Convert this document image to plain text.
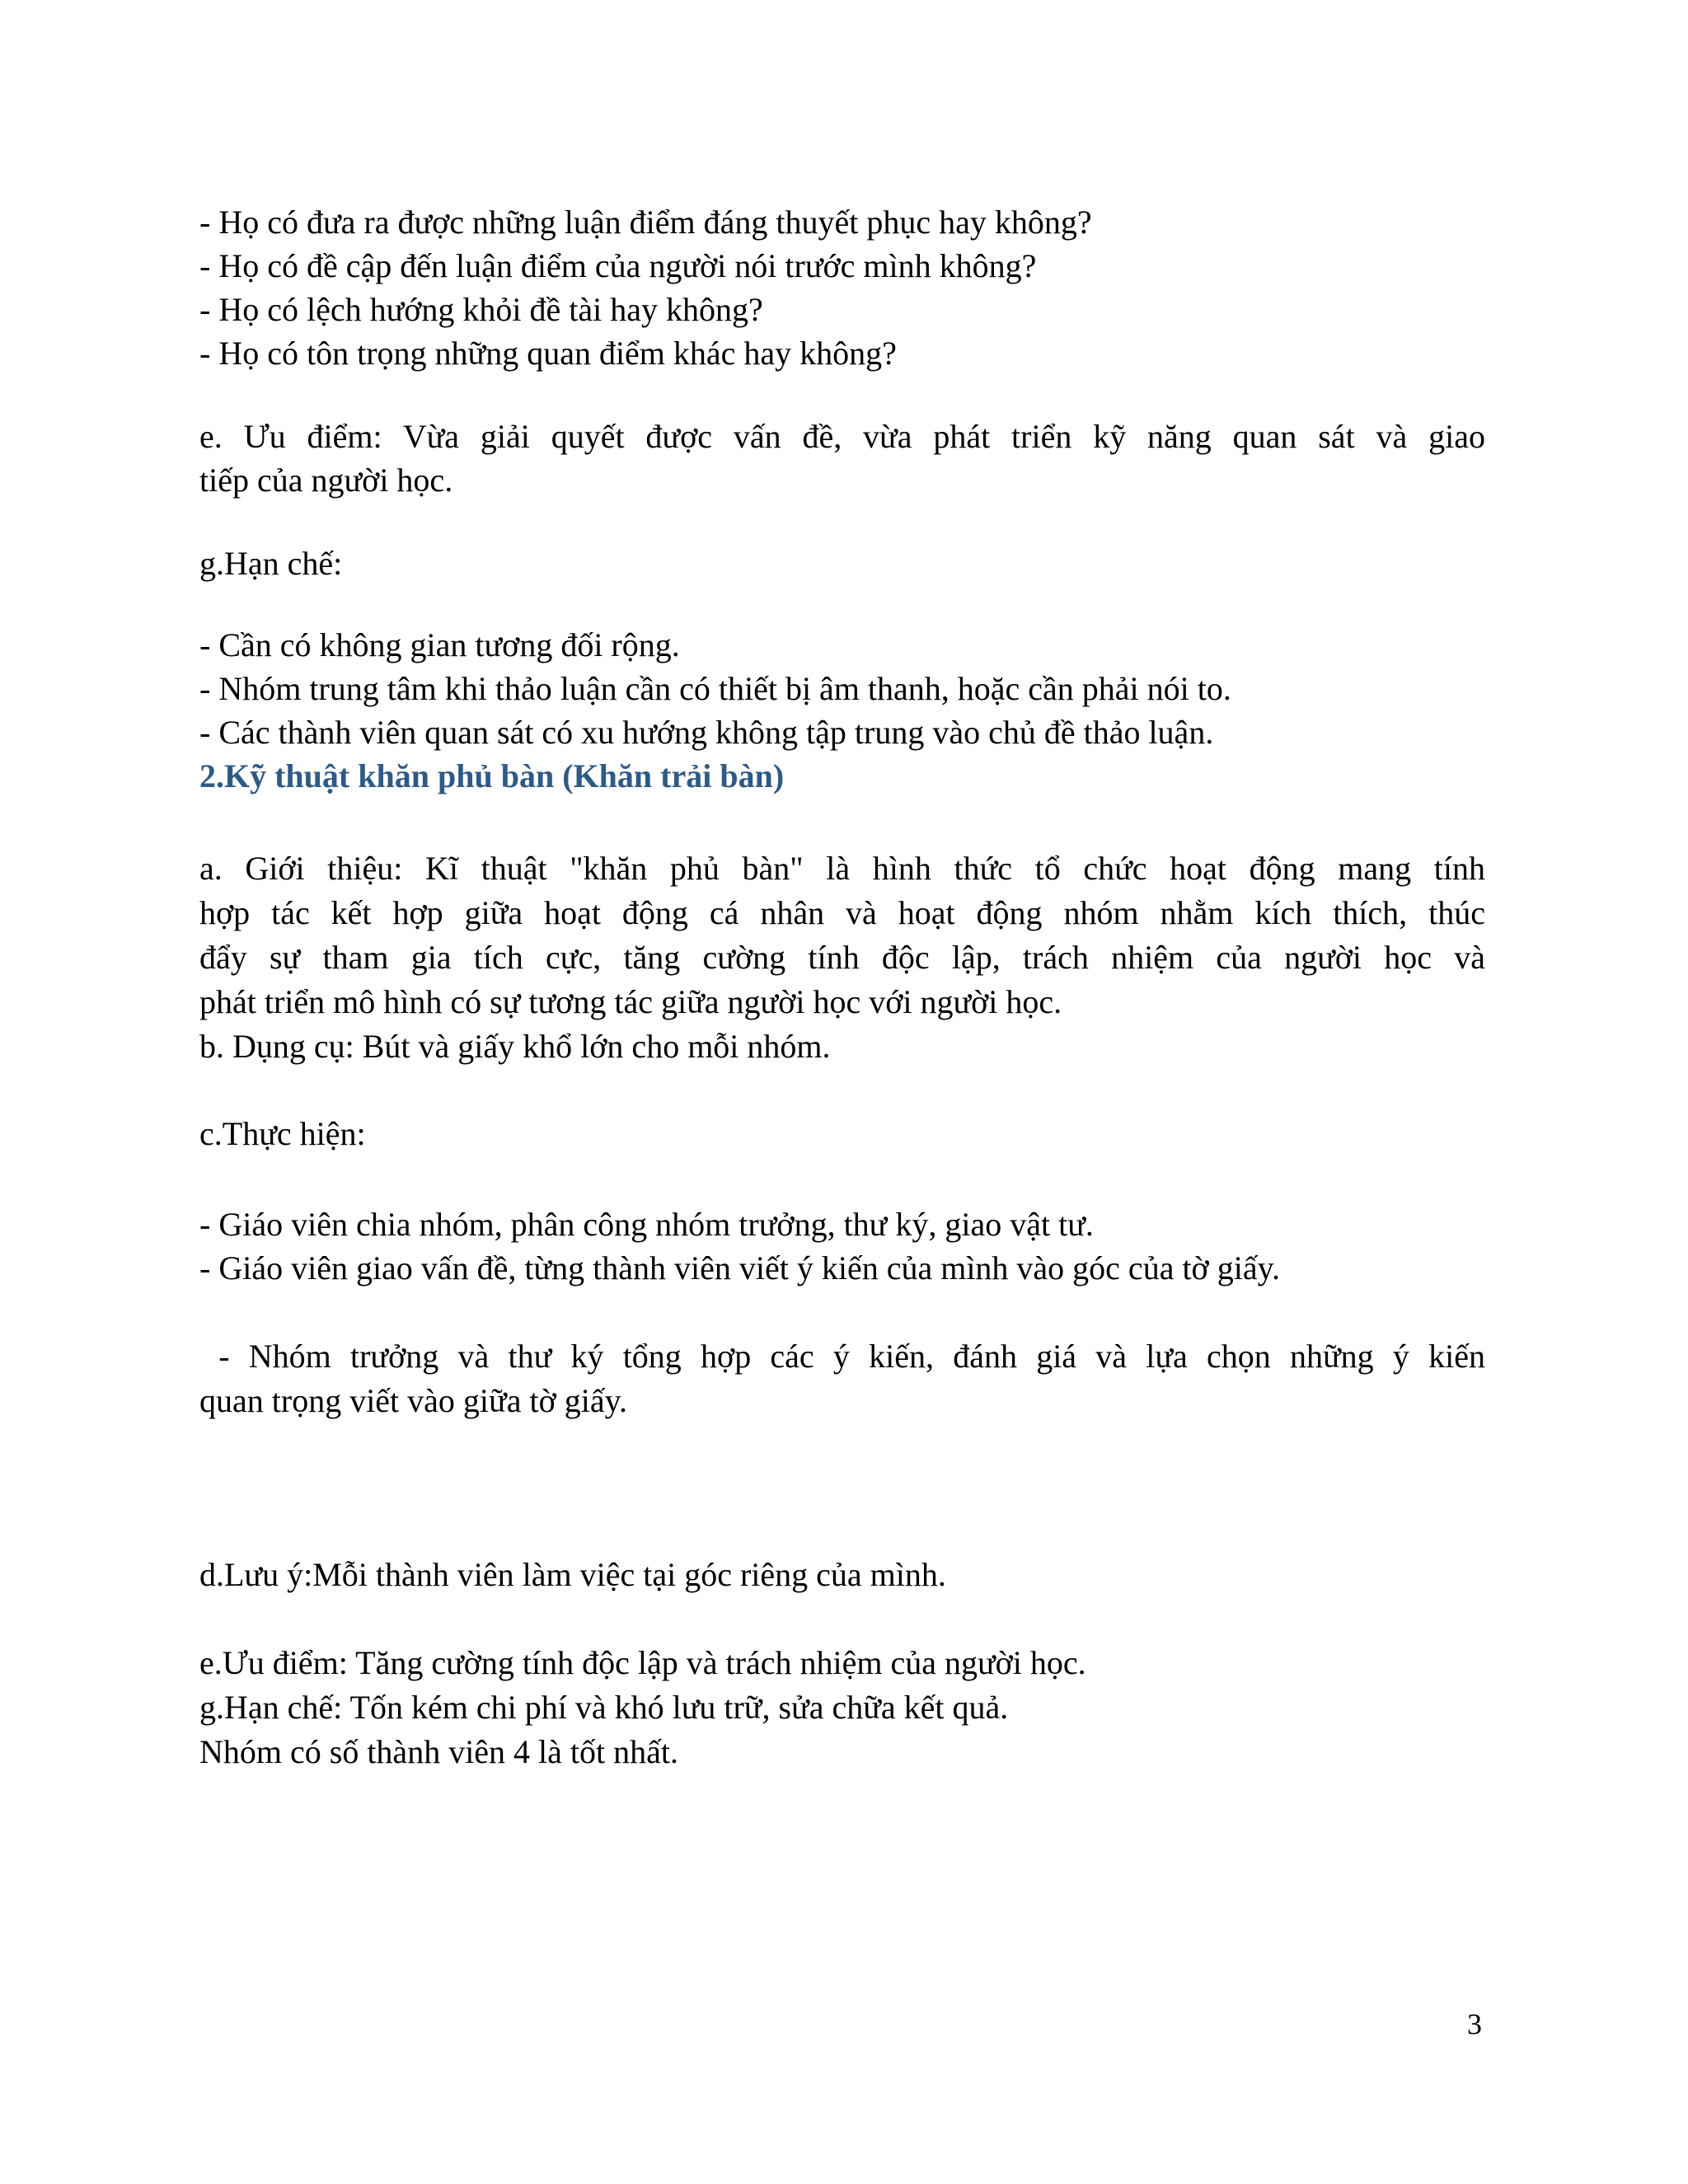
- Họ có đưa ra được những luận điểm đáng thuyết phục hay không?
- Họ có đề cập đến luận điểm của người nói trước mình không?
- Họ có lệch hướng khỏi đề tài hay không?
- Họ có tôn trọng những quan điểm khác hay không?
e. Ưu điểm: Vừa giải quyết được vấn đề, vừa phát triển kỹ năng quan sát và giao
tiếp của người học.
g.Hạn chế:
- Cần có không gian tương đối rộng.
- Nhóm trung tâm khi thảo luận cần có thiết bị âm thanh, hoặc cần phải nói to.
- Các thành viên quan sát có xu hướng không tập trung vào chủ đề thảo luận.
2.Kỹ thuật khăn phủ bàn (Khăn trải bàn)
a. Giới thiệu: Kĩ thuật "khăn phủ bàn" là hình thức tổ chức hoạt động mang tính
hợp tác kết hợp giữa hoạt động cá nhân và hoạt động nhóm nhằm kích thích, thúc
đẩy sự tham gia tích cực, tăng cường tính độc lập, trách nhiệm của người học và
phát triển mô hình có sự tương tác giữa người học với người học.
b. Dụng cụ: Bút và giấy khổ lớn cho mỗi nhóm.
c.Thực hiện:
- Giáo viên chia nhóm, phân công nhóm trưởng, thư ký, giao vật tư.
- Giáo viên giao vấn đề, từng thành viên viết ý kiến của mình vào góc của tờ giấy.
- Nhóm trưởng và thư ký tổng hợp các ý kiến, đánh giá và lựa chọn những ý kiến
quan trọng viết vào giữa tờ giấy.
d.Lưu ý:Mỗi thành viên làm việc tại góc riêng của mình.
e.Ưu điểm: Tăng cường tính độc lập và trách nhiệm của người học.
g.Hạn chế: Tốn kém chi phí và khó lưu trữ, sửa chữa kết quả.
Nhóm có số thành viên 4 là tốt nhất.
3
